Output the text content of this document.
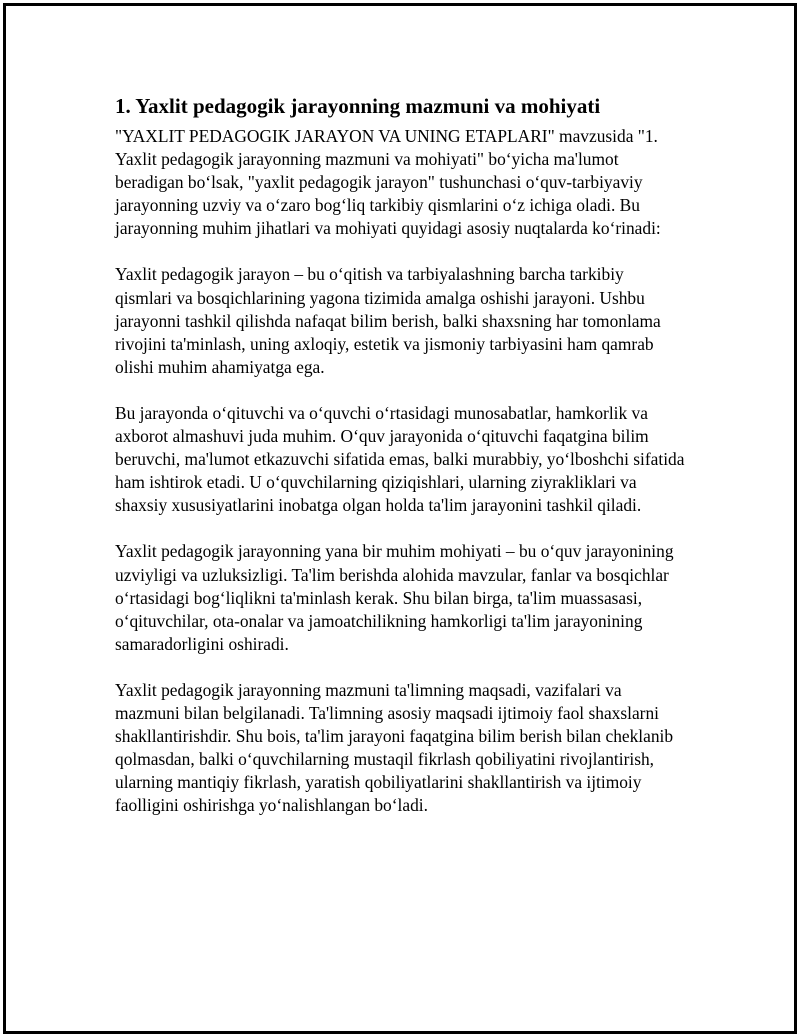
1. Yaxlit pedagogik jarayonning mazmuni va mohiyati

"YAXLIT PEDAGOGIK JARAYON VA UNING ETAPLARI" mavzusida "1. Yaxlit pedagogik jarayonning mazmuni va mohiyati" bo‘yicha ma'lumot beradigan bo‘lsak, "yaxlit pedagogik jarayon" tushunchasi o‘quv-tarbiyaviy jarayonning uzviy va o‘zaro bog‘liq tarkibiy qismlarini o‘z ichiga oladi. Bu jarayonning muhim jihatlari va mohiyati quyidagi asosiy nuqtalarda ko‘rinadi:

Yaxlit pedagogik jarayon – bu o‘qitish va tarbiyalashning barcha tarkibiy qismlari va bosqichlarining yagona tizimida amalga oshishi jarayoni. Ushbu jarayonni tashkil qilishda nafaqat bilim berish, balki shaxsning har tomonlama rivojini ta'minlash, uning axloqiy, estetik va jismoniy tarbiyasini ham qamrab olishi muhim ahamiyatga ega.

Bu jarayonda o‘qituvchi va o‘quvchi o‘rtasidagi munosabatlar, hamkorlik va axborot almashuvi juda muhim. O‘quv jarayonida o‘qituvchi faqatgina bilim beruvchi, ma'lumot etkazuvchi sifatida emas, balki murabbiy, yo‘lboshchi sifatida ham ishtirok etadi. U o‘quvchilarning qiziqishlari, ularning ziyrakliklari va shaxsiy xususiyatlarini inobatga olgan holda ta'lim jarayonini tashkil qiladi.

Yaxlit pedagogik jarayonning yana bir muhim mohiyati – bu o‘quv jarayonining uzviyligi va uzluksizligi. Ta'lim berishda alohida mavzular, fanlar va bosqichlar o‘rtasidagi bog‘liqlikni ta'minlash kerak. Shu bilan birga, ta'lim muassasasi, o‘qituvchilar, ota-onalar va jamoatchilikning hamkorligi ta'lim jarayonining samaradorligini oshiradi.

Yaxlit pedagogik jarayonning mazmuni ta'limning maqsadi, vazifalari va mazmuni bilan belgilanadi. Ta'limning asosiy maqsadi ijtimoiy faol shaxslarni shakllantirishdir. Shu bois, ta'lim jarayoni faqatgina bilim berish bilan cheklanib qolmasdan, balki o‘quvchilarning mustaqil fikrlash qobiliyatini rivojlantirish, ularning mantiqiy fikrlash, yaratish qobiliyatlarini shakllantirish va ijtimoiy faolligini oshirishga yo‘nalishlangan bo‘ladi.
